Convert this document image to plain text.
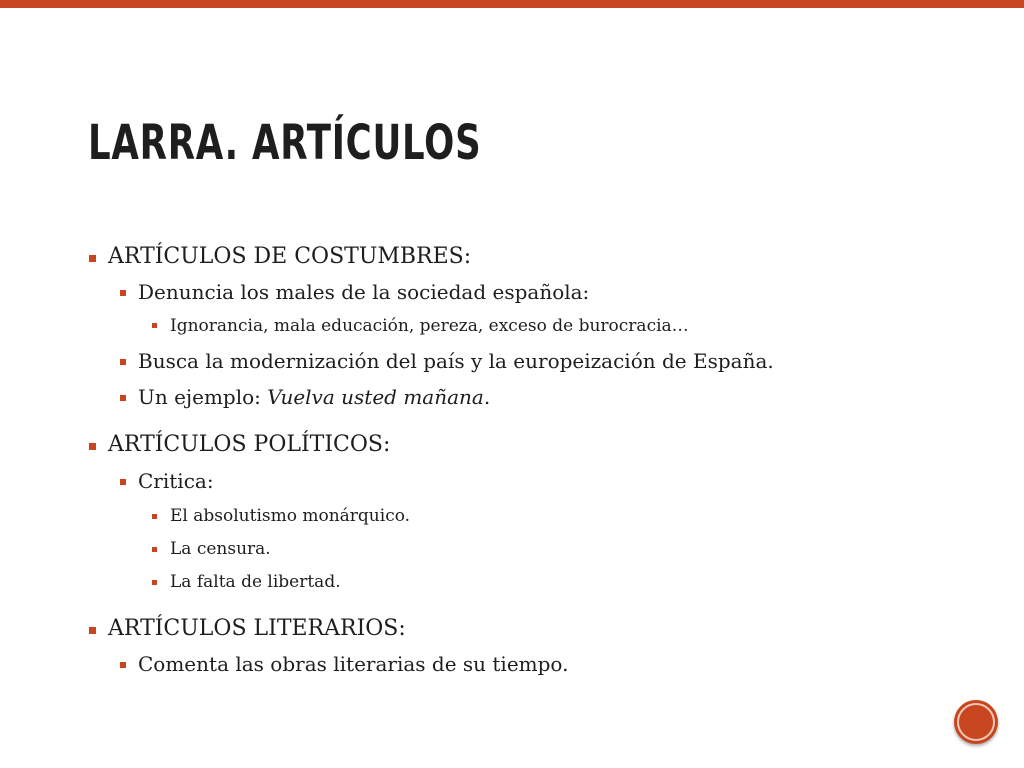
LARRA. ARTÍCULOS
ARTÍCULOS DE COSTUMBRES:
Denuncia los males de la sociedad española:
Ignorancia, mala educación, pereza, exceso de burocracia…
Busca la modernización del país y la europeización de España.
Un ejemplo: Vuelva usted mañana.
ARTÍCULOS POLÍTICOS:
Critica:
El absolutismo monárquico.
La censura.
La falta de libertad.
ARTÍCULOS LITERARIOS:
Comenta las obras literarias de su tiempo.
